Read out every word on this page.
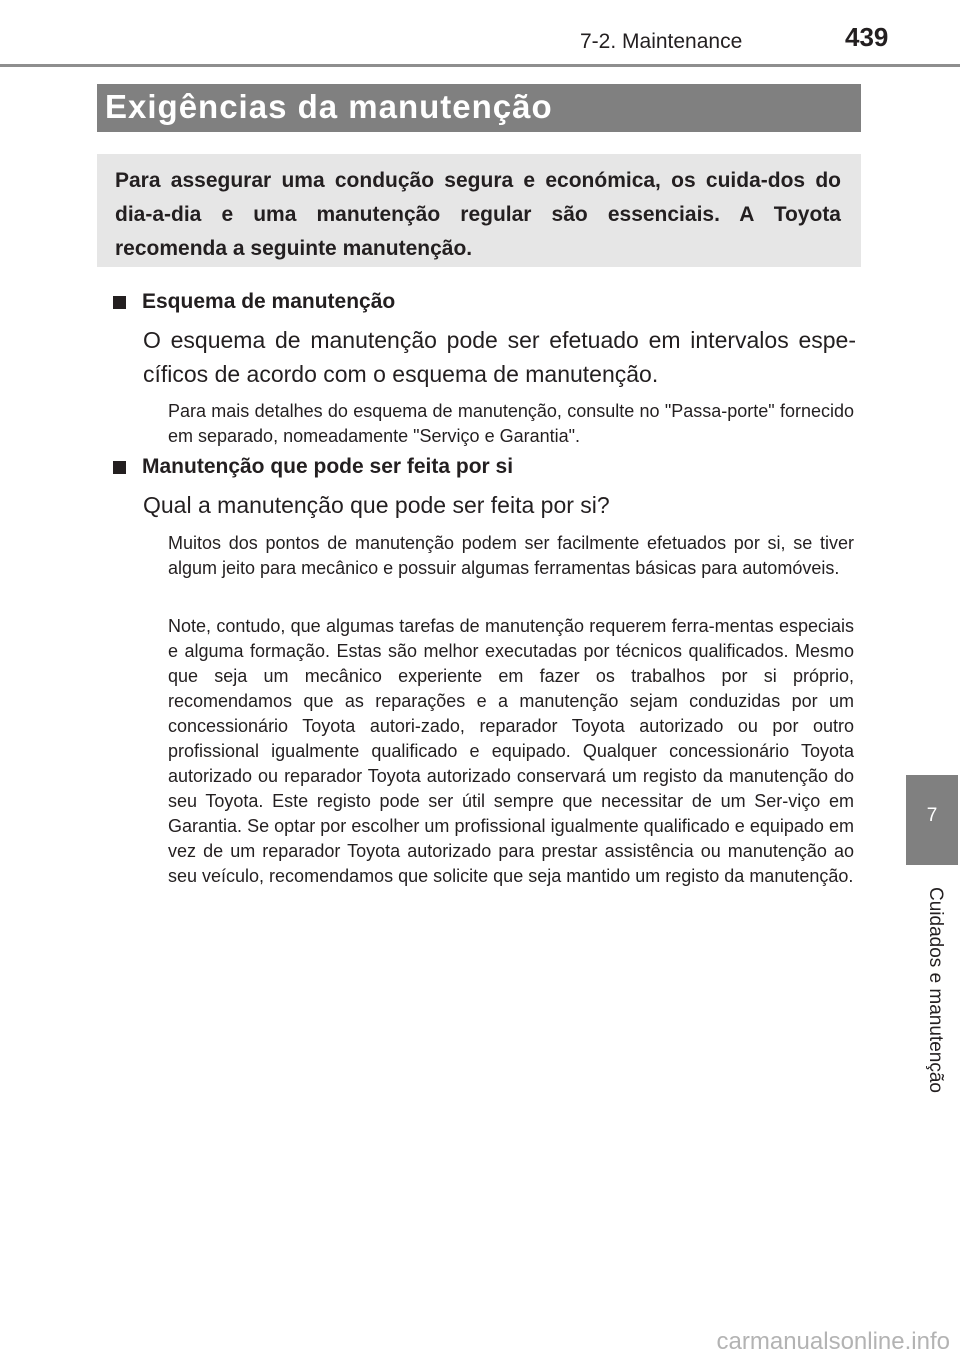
7-2. Maintenance	439
Exigências da manutenção

Para assegurar uma condução segura e económica, os cuida-dos do dia-a-dia e uma manutenção regular são essenciais. A Toyota recomenda a seguinte manutenção.

Esquema de manutenção

O esquema de manutenção pode ser efetuado em intervalos espe-cíficos de acordo com o esquema de manutenção.

Para mais detalhes do esquema de manutenção, consulte no "Passa-porte" fornecido em separado, nomeadamente "Serviço e Garantia".

Manutenção que pode ser feita por si

Qual a manutenção que pode ser feita por si?

Muitos dos pontos de manutenção podem ser facilmente efetuados por si, se tiver algum jeito para mecânico e possuir algumas ferramentas básicas para automóveis.

Note, contudo, que algumas tarefas de manutenção requerem ferra-mentas especiais e alguma formação. Estas são melhor executadas por técnicos qualificados. Mesmo que seja um mecânico experiente em fazer os trabalhos por si próprio, recomendamos que as reparações e a manutenção sejam conduzidas por um concessionário Toyota autori-zado, reparador Toyota autorizado ou por outro profissional igualmente qualificado e equipado. Qualquer concessionário Toyota autorizado ou reparador Toyota autorizado conservará um registo da manutenção do seu Toyota. Este registo pode ser útil sempre que necessitar de um Ser-viço em Garantia. Se optar por escolher um profissional igualmente qualificado e equipado em vez de um reparador Toyota autorizado para prestar assistência ou manutenção ao seu veículo, recomendamos que solicite que seja mantido um registo da manutenção.

7
Cuidados e manutenção
carmanualsonline.info
